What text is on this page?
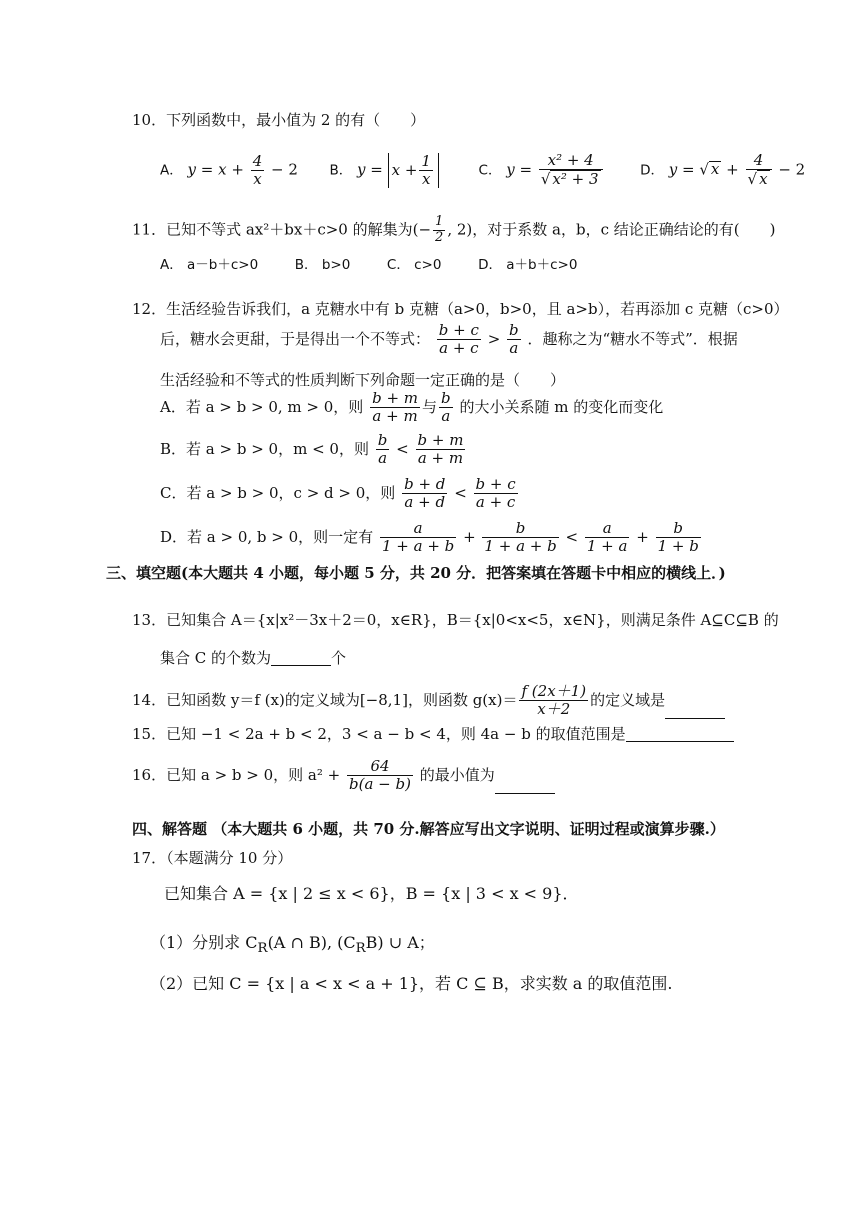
10．下列函数中，最小值为 2 的有（　　）
A． $y = x + \frac{4}{x} - 2$ B． $y = x + \frac{1}{x}$	C． $y = \frac{\text{x² + 4}}{\text{√ x² + 3}}$	D． y = √ $x + \frac{4}{√ x} - 2$
11．已知不等式 ax²＋bx＋c>0 的解集为(− $\frac{1}{2}$ , 2)，对于系数 a，b，c 结论正确结论的有(　　)
A． a－b＋c>0	B． b>0	C． c>0	D． a＋b＋c>0
12．生活经验告诉我们，a 克糖水中有 b 克糖（a>0，b>0，且 a>b），若再添加 c 克糖（c>0）
后，糖水会更甜，于是得出一个不等式： $\frac{b + c}{a + c} > \frac{b}{a}$ ．趣称之为“糖水不等式”．根据
生活经验和不等式的性质判断下列命题一定正确的是（　　）
A．若 a > b > 0, m > 0，则 $\frac{b + m}{a + m}$ 与 $\frac{b}{a}$ 的大小关系随 m 的变化而变化
B．若 a > b > 0，m < 0，则 $\frac{b}{a} < \frac{b + m}{a + m}$
C．若 a > b > 0，c > d > 0，则 $\frac{b + d}{a + d} < \frac{b + c}{a + c}$
D．若 a > 0, b > 0，则一定有 $\frac{a}{1 + a + b} + \frac{b}{1 + a + b} < \frac{a}{1 + a} + \frac{b}{1 + b}$
三、填空题(本大题共 4 小题，每小题 5 分，共 20 分．把答案填在答题卡中相应的横线上．)
13．已知集合 A＝{x|x²－3x＋2＝0，x∈R}，B＝{x|0<x<5，x∈N}，则满足条件 A⊆C⊆B 的
集合 C 的个数为	个
14．已知函数 y＝f (x)的定义域为[−8,1]，则函数 $g(x)= \frac{f (2x+1)}{x+2}$ 的定义域是
15．已知 −1 < 2a + b < 2，3 < a − b < 4，则 4a − b 的取值范围是
16．已知 a > b > 0，则 $a^2 + \frac{64}{b(a - b)}$ 的最小值为
四、解答题 （本大题共 6 小题，共 70 分.解答应写出文字说明、证明过程或演算步骤.）
17．（本题满分 10 分）
已知集合 A = {x | 2 ≤ x < 6}，B = {x | 3 < x < 9}．
（1）分别求 $C_R(A$ ∩ B), $(C_RB)$ ∪ A；
（2）已知 C = {x | a < x < a + 1}，若 C ⊆ B，求实数 a 的取值范围.
